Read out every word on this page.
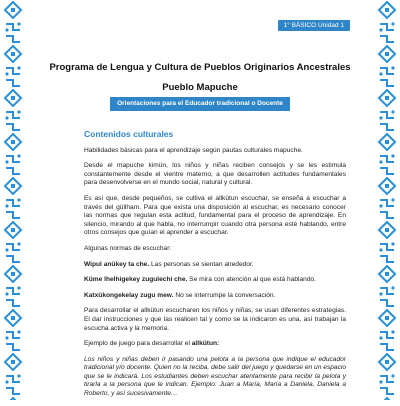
1° BÁSICO Unidad 1
Programa de Lengua y Cultura de Pueblos Originarios Ancestrales
Pueblo Mapuche
Orientaciones para el Educador tradicional o Docente
Contenidos culturales

Habilidades básicas para el aprendizaje según pautas culturales mapuche.

Desde el mapuche kimün, los niños y niñas reciben consejos y se les estimula constantemente desde el vientre materno, a que desarrollen actitudes fundamentales para desenvolverse en el mundo social, natural y cultural.

Es así que, desde pequeños, se cultiva el allkütun escuchar, se enseña a escuchar a través del güllham. Para que exista una disposición al escuchar, es necesario conocer las normas que regulan esta actitud, fundamental para el proceso de aprendizaje. En silencio, mirando al que habla, no interrumpir cuando otra persona esté hablando, entre otros consejos que guían el aprender a escuchar.

Algunas normas de escuchar:

Wipul anükey ta che. Las personas se sientan alrededor.

Küme lhelhigekey zugulechi che. Se mira con atención al que está hablando.

Katxükongekelay zugu mew. No se interrumpe la conversación.

Para desarrollar el allkütun escucharen los niños y niñas, se usan diferentes estrategias. El dar instrucciones y que las realicen tal y como se la indicaron es una, así trabajan la escucha activa y la memoria.

Ejemplo de juego para desarrollar el allkütun:

Los niños y niñas deben ir pasando una pelota a la persona que indique el educador tradicional y/o docente. Quien no la reciba, debe salir del juego y quedarse en un espacio que se le indicará. Los estudiantes deben escuchar atentamente para recibir la pelota y tirarla a la persona que le indican. Ejemplo: Juan a María, María a Daniela, Daniela a Roberto, y así sucesivamente…
